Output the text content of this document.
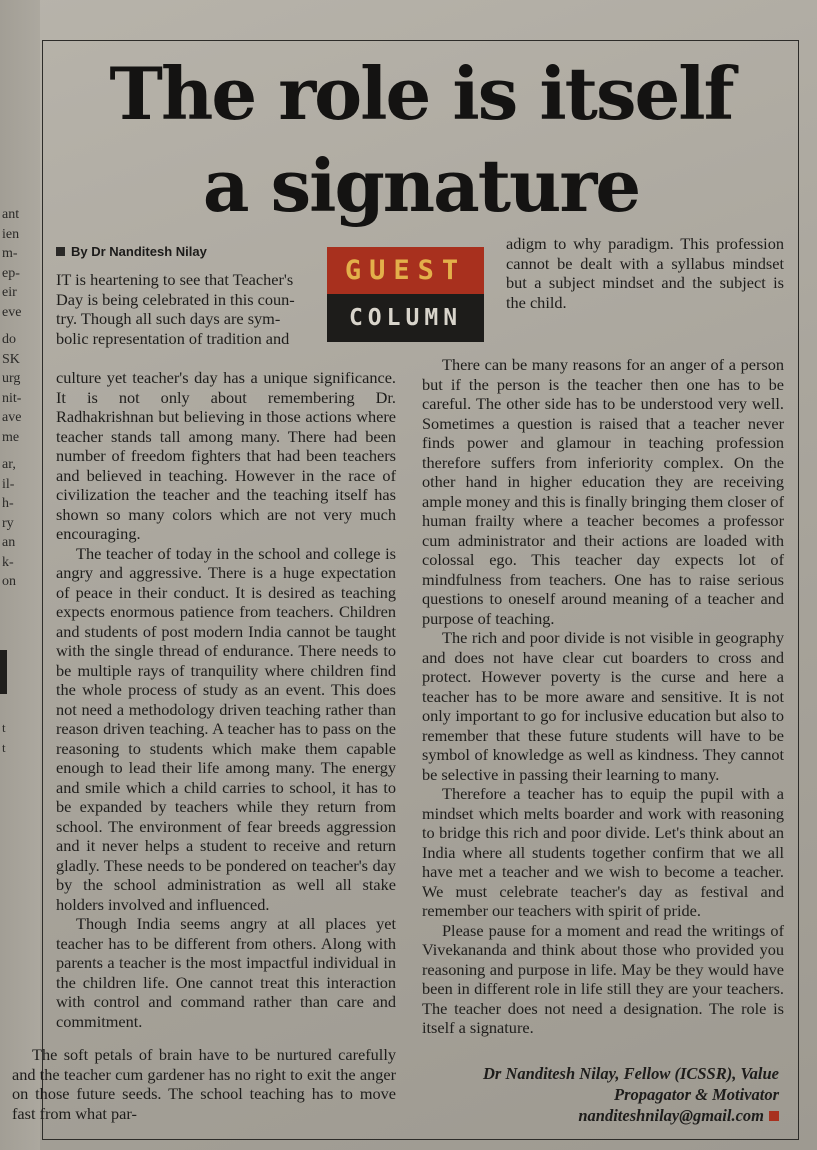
ant
ien
m-
ep-
eir
eve
do
SK
urg
nit-
ave
me
ar,
il-
h-
ry
an
k-
on
t
t
The role is itself
a signature
By Dr Nanditesh Nilay
GUEST
COLUMN
IT is heartening to see that Teacher's
Day is being celebrated in this coun-
try. Though all such days are sym-
bolic representation of tradition and

culture yet teacher's day has a unique significance. It is not only about remembering Dr. Radhakrishnan but believing in those actions where teacher stands tall among many. There had been number of freedom fighters that had been teachers and believed in teaching. However in the race of civilization the teacher and the teaching itself has shown so many colors which are not very much encouraging.

The teacher of today in the school and college is angry and aggressive. There is a huge expectation of peace in their conduct. It is desired as teaching expects enormous patience from teachers. Children and students of post modern India cannot be taught with the single thread of endurance. There needs to be multiple rays of tranquility where children find the whole process of study as an event. This does not need a methodology driven teaching rather than reason driven teaching. A teacher has to pass on the reasoning to students which make them capable enough to lead their life among many. The energy and smile which a child carries to school, it has to be expanded by teachers while they return from school. The environment of fear breeds aggression and it never helps a student to receive and return gladly. These needs to be pondered on teacher's day by the school administration as well all stake holders involved and influenced.

Though India seems angry at all places yet teacher has to be different from others. Along with parents a teacher is the most impactful individual in the children life. One cannot treat this interaction with control and command rather than care and commitment.

The soft petals of brain have to be nurtured carefully and the teacher cum gardener has no right to exit the anger on those future seeds. The school teaching has to move fast from what par-

adigm to why paradigm. This profession cannot be dealt with a syllabus mindset but a subject mindset and the subject is the child.

There can be many reasons for an anger of a person but if the person is the teacher then one has to be careful. The other side has to be understood very well. Sometimes a question is raised that a teacher never finds power and glamour in teaching profession therefore suffers from inferiority complex. On the other hand in higher education they are receiving ample money and this is finally bringing them closer of human frailty where a teacher becomes a professor cum administrator and their actions are loaded with colossal ego. This teacher day expects lot of mindfulness from teachers. One has to raise serious questions to oneself around meaning of a teacher and purpose of teaching.

The rich and poor divide is not visible in geography and does not have clear cut boarders to cross and protect. However poverty is the curse and here a teacher has to be more aware and sensitive. It is not only important to go for inclusive education but also to remember that these future students will have to be symbol of knowledge as well as kindness. They cannot be selective in passing their learning to many.

Therefore a teacher has to equip the pupil with a mindset which melts boarder and work with reasoning to bridge this rich and poor divide. Let's think about an India where all students together confirm that we all have met a teacher and we wish to become a teacher. We must celebrate teacher's day as festival and remember our teachers with spirit of pride.

Please pause for a moment and read the writings of Vivekananda and think about those who provided you reasoning and purpose in life. May be they would have been in different role in life still they are your teachers. The teacher does not need a designation. The role is itself a signature.

Dr Nanditesh Nilay, Fellow (ICSSR), Value
Propagator & Motivator
nanditeshnilay@gmail.com
